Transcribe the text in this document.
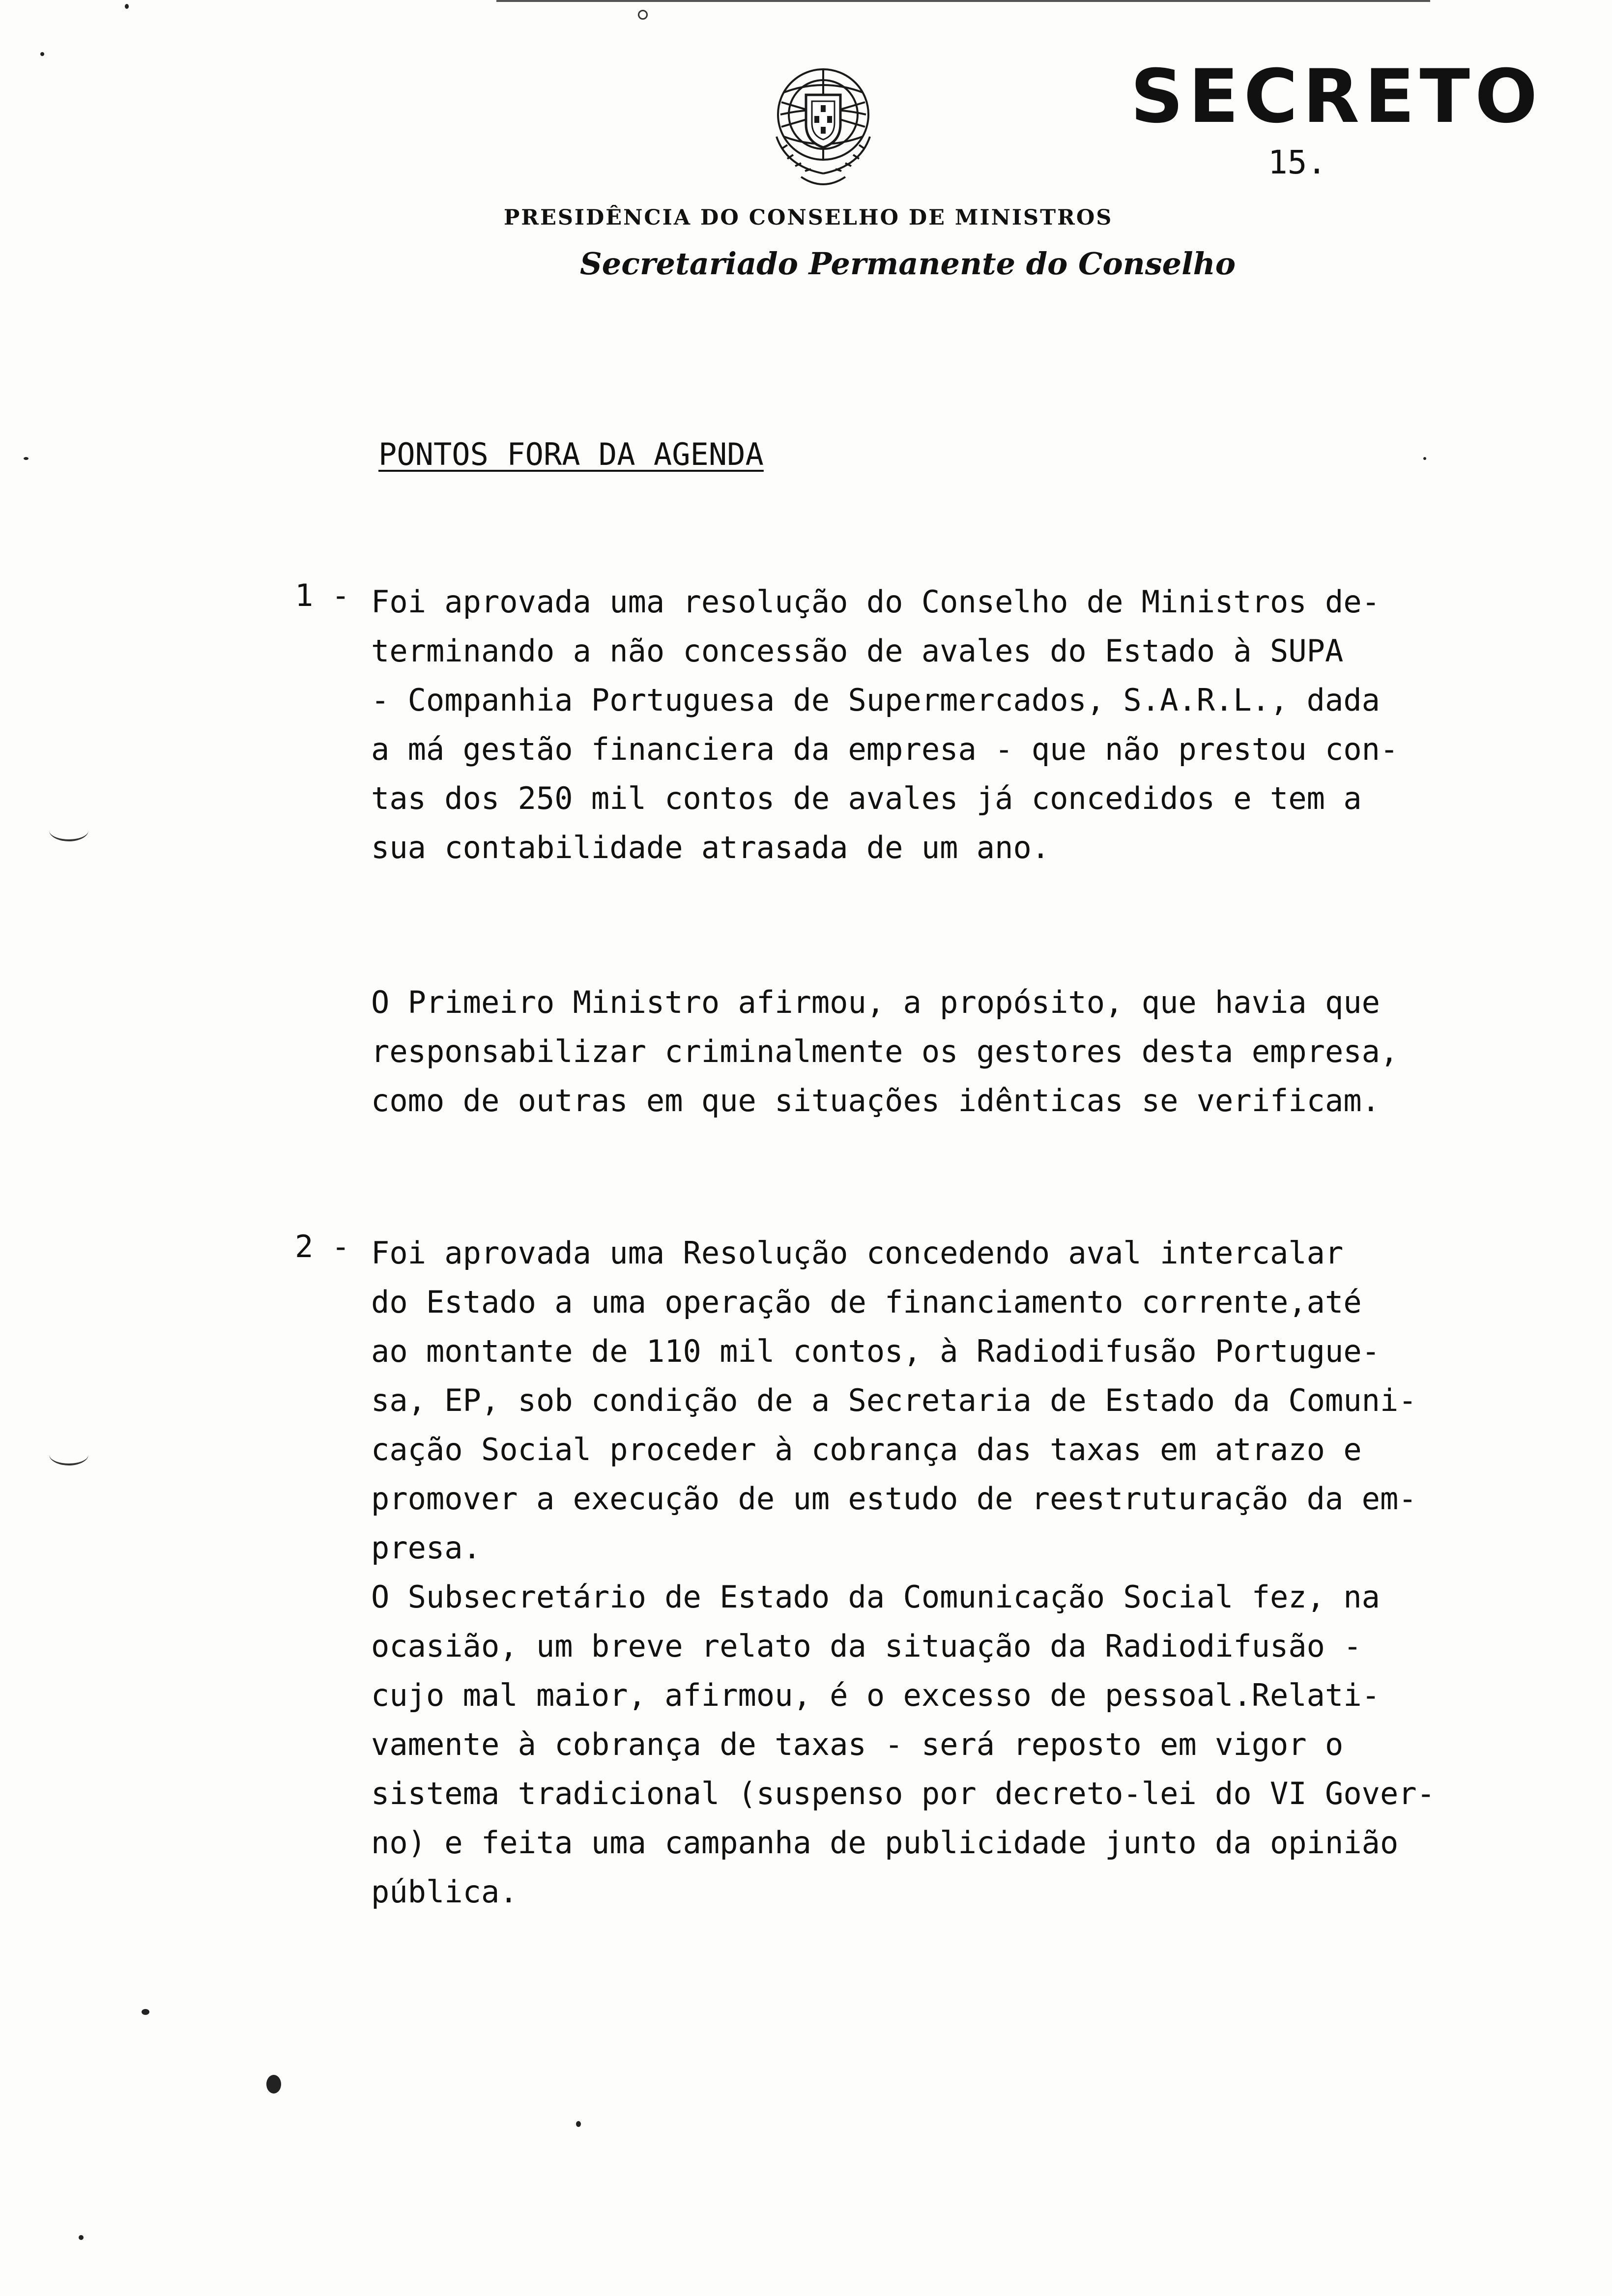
SECRETO
15.
PRESIDÊNCIA DO CONSELHO DE MINISTROS
Secretariado Permanente do Conselho
PONTOS FORA DA AGENDA
1 - Foi aprovada uma resolução do Conselho de Ministros de-
terminando a não concessão de avales do Estado à SUPA
- Companhia Portuguesa de Supermercados, S.A.R.L., dada
a má gestão financiera da empresa - que não prestou con-
tas dos 250 mil contos de avales já concedidos e tem a
sua contabilidade atrasada de um ano.
O Primeiro Ministro afirmou, a propósito, que havia que
responsabilizar criminalmente os gestores desta empresa,
como de outras em que situações idênticas se verificam.
2 - Foi aprovada uma Resolução concedendo aval intercalar
do Estado a uma operação de financiamento corrente,até
ao montante de 110 mil contos, à Radiodifusão Portugue-
sa, EP, sob condição de a Secretaria de Estado da Comuni-
cação Social proceder à cobrança das taxas em atrazo e
promover a execução de um estudo de reestruturação da em-
presa.
O Subsecretário de Estado da Comunicação Social fez, na
ocasião, um breve relato da situação da Radiodifusão -
cujo mal maior, afirmou, é o excesso de pessoal.Relati-
vamente à cobrança de taxas - será reposto em vigor o
sistema tradicional (suspenso por decreto-lei do VI Gover-
no) e feita uma campanha de publicidade junto da opinião
pública.
